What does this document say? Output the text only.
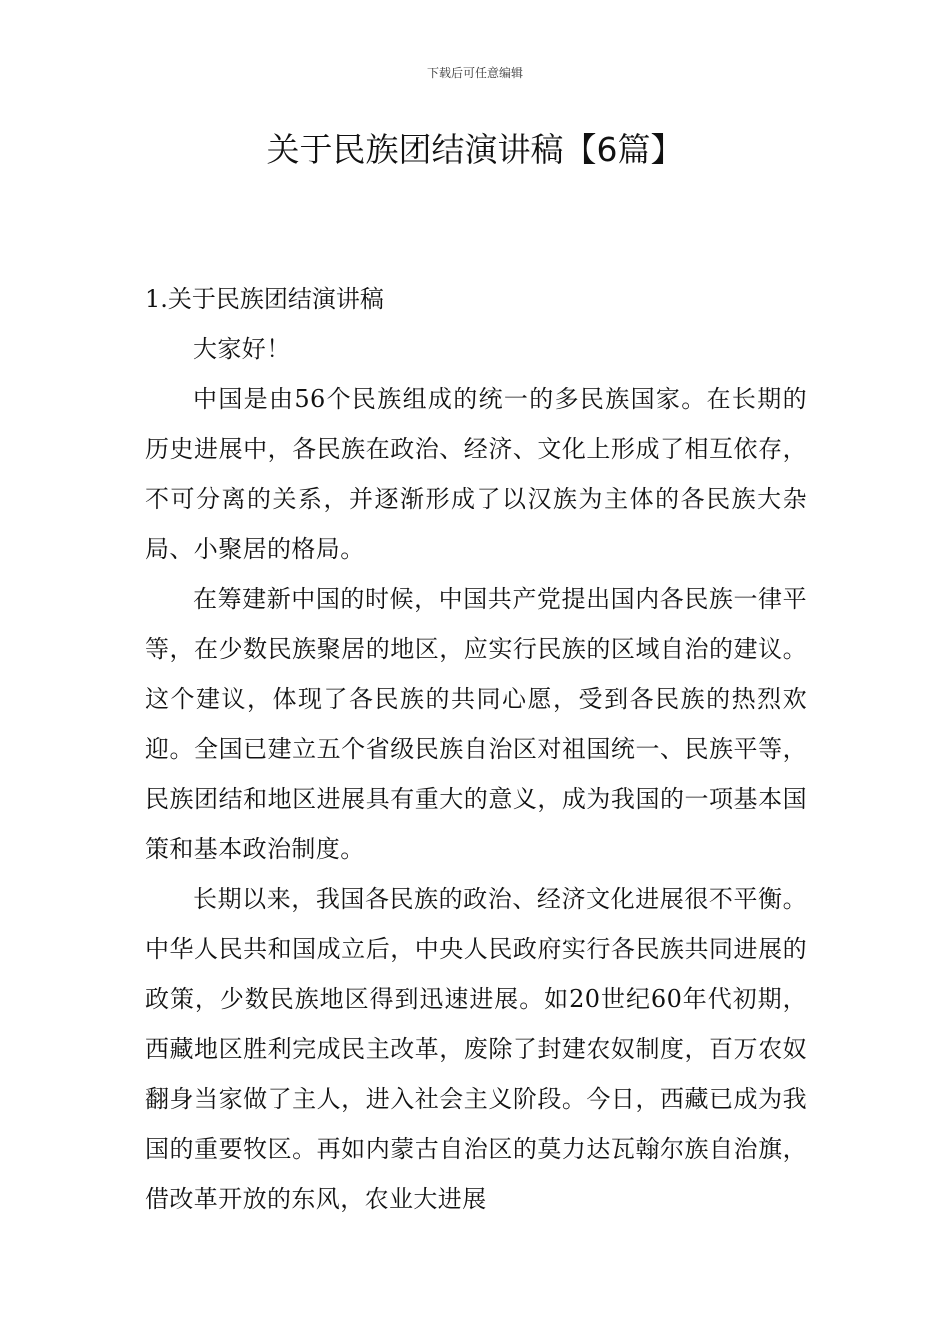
下载后可任意编辑
关于民族团结演讲稿【6篇】
1.关于民族团结演讲稿

大家好！

中国是由56个民族组成的统一的多民族国家。在长期的历史进展中，各民族在政治、经济、文化上形成了相互依存，不可分离的关系，并逐渐形成了以汉族为主体的各民族大杂局、小聚居的格局。

在筹建新中国的时候，中国共产党提出国内各民族一律平等，在少数民族聚居的地区，应实行民族的区域自治的建议。这个建议，体现了各民族的共同心愿，受到各民族的热烈欢迎。全国已建立五个省级民族自治区对祖国统一、民族平等，民族团结和地区进展具有重大的意义，成为我国的一项基本国策和基本政治制度。

长期以来，我国各民族的政治、经济文化进展很不平衡。中华人民共和国成立后，中央人民政府实行各民族共同进展的政策，少数民族地区得到迅速进展。如20世纪60年代初期，西藏地区胜利完成民主改革，废除了封建农奴制度，百万农奴翻身当家做了主人，进入社会主义阶段。今日，西藏已成为我国的重要牧区。再如内蒙古自治区的莫力达瓦翰尔族自治旗，借改革开放的东风，农业大进展
